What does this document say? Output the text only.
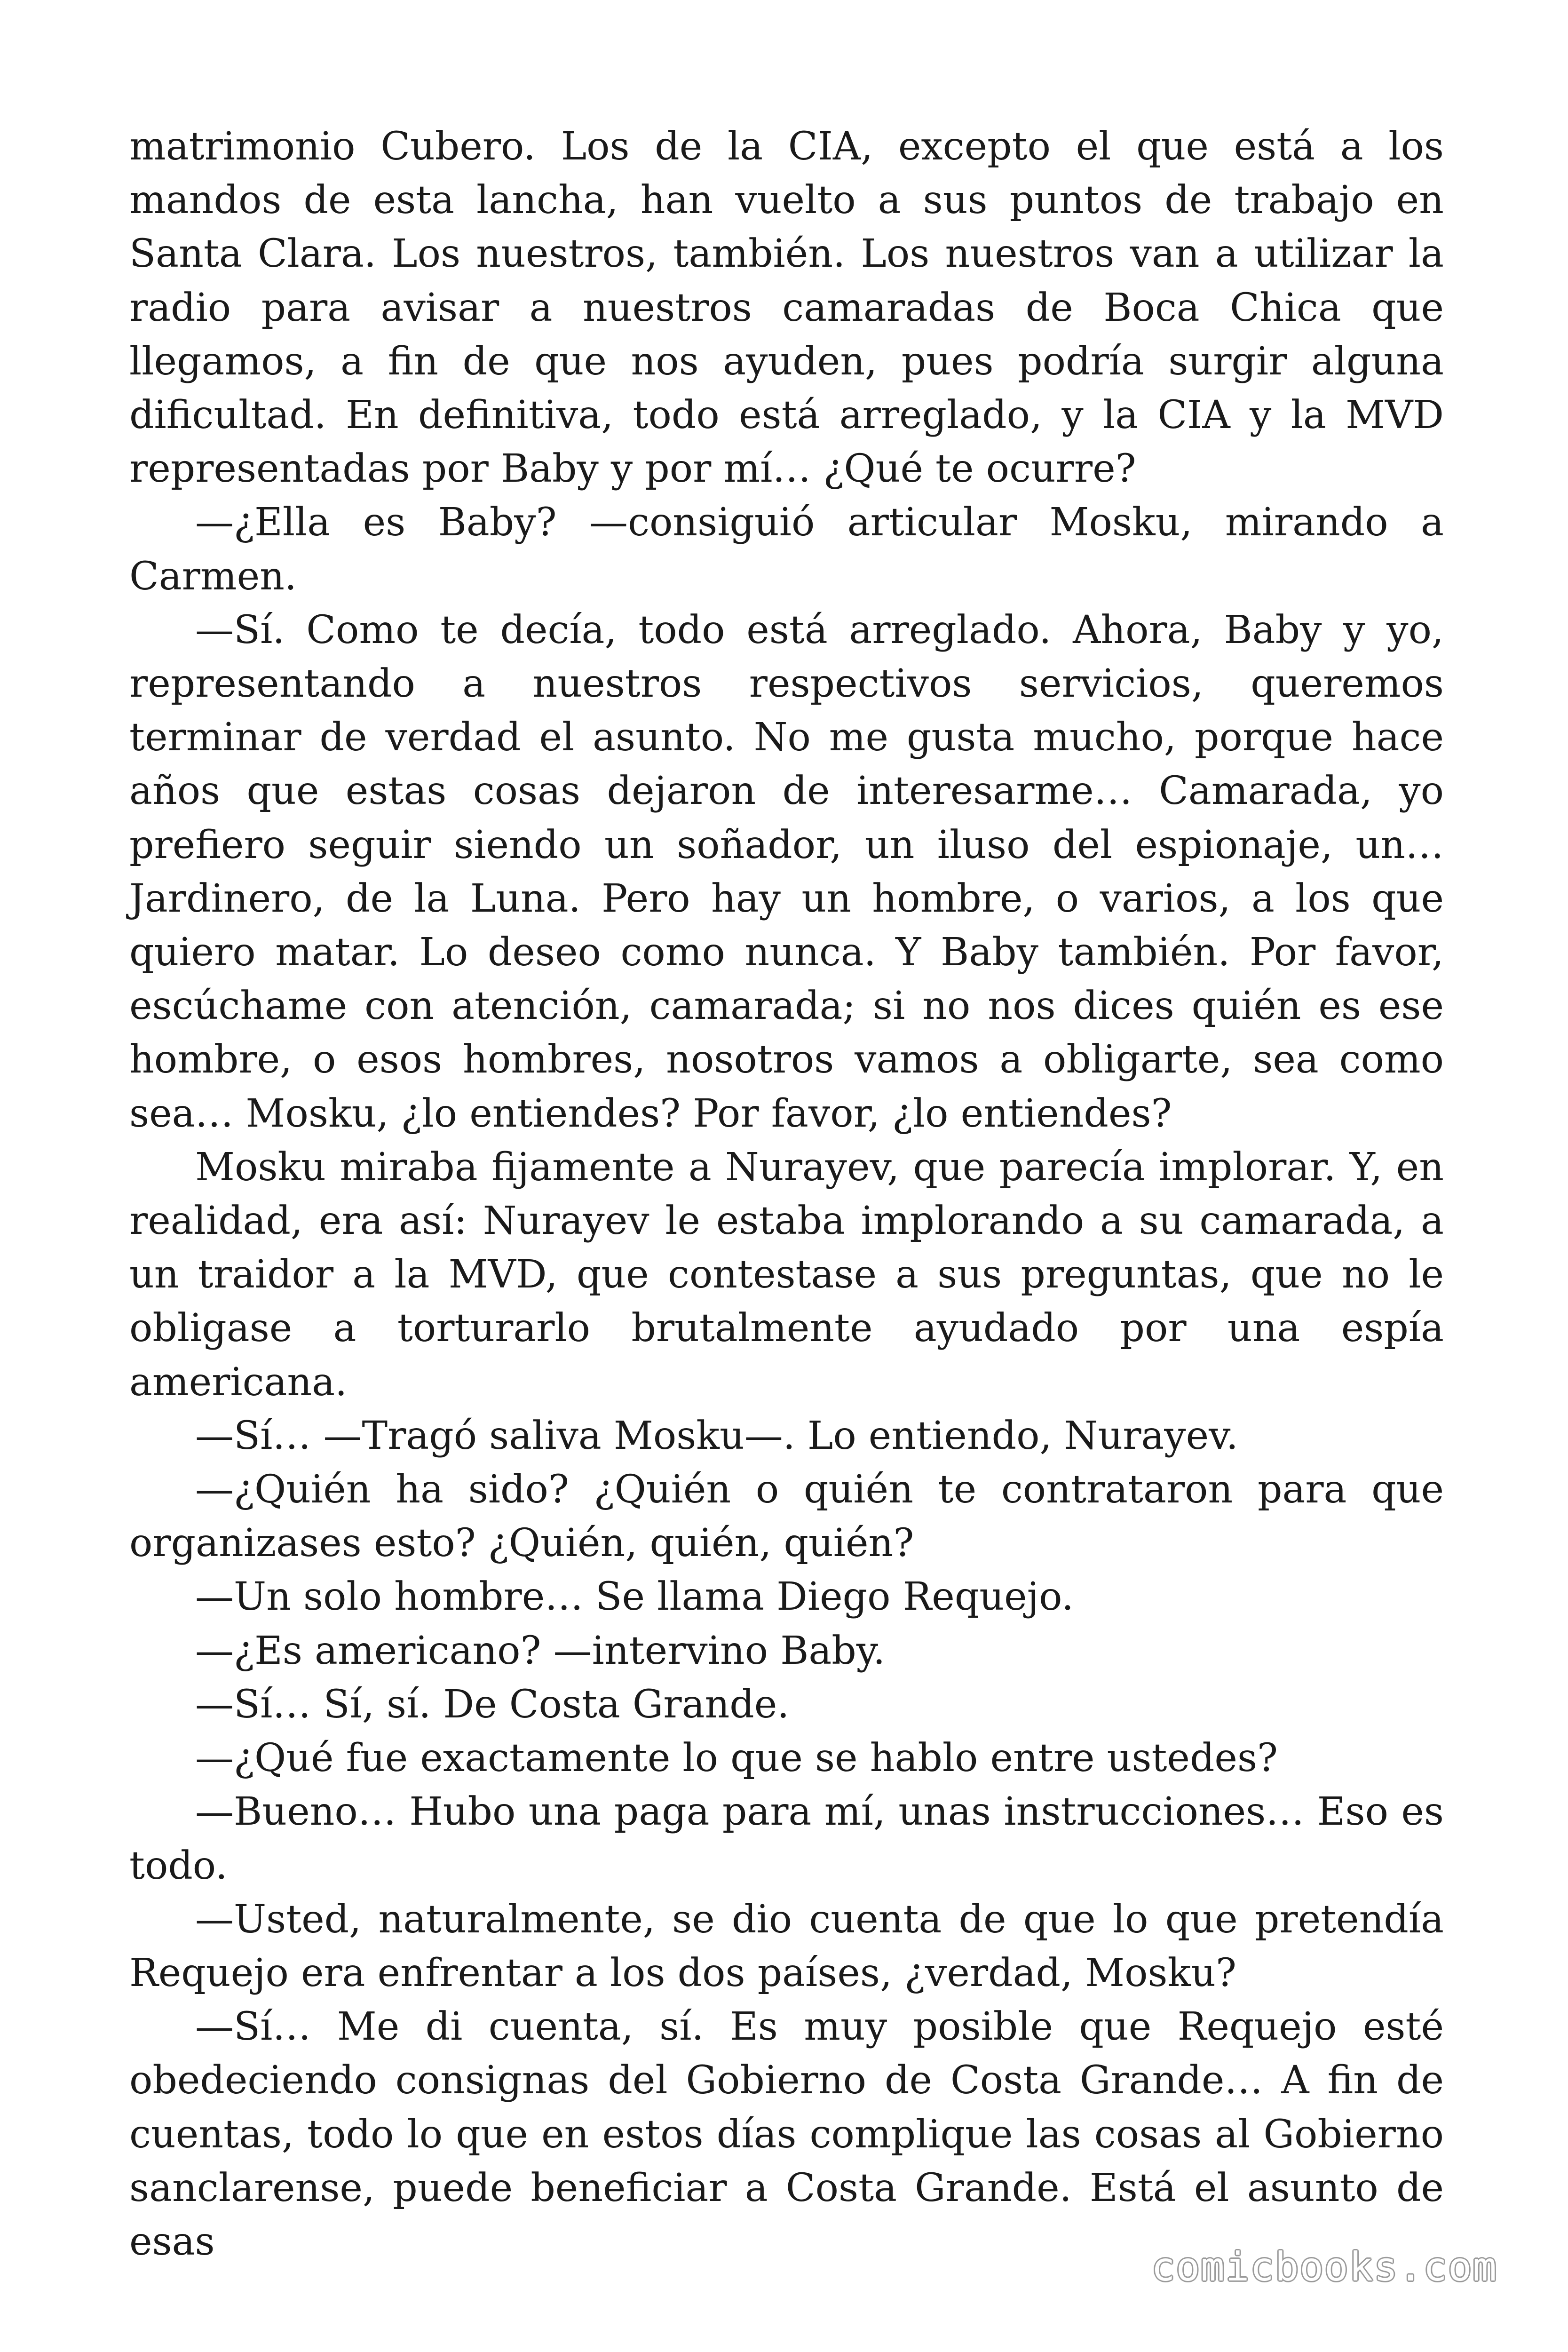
matrimonio Cubero. Los de la CIA, excepto el que está a los mandos de esta lancha, han vuelto a sus puntos de trabajo en Santa Clara. Los nuestros, también. Los nuestros van a utilizar la radio para avisar a nuestros camaradas de Boca Chica que llegamos, a fin de que nos ayuden, pues podría surgir alguna dificultad. En definitiva, todo está arreglado, y la CIA y la MVD representadas por Baby y por mí… ¿Qué te ocurre?

—¿Ella es Baby? —consiguió articular Mosku, mirando a Carmen.

—Sí. Como te decía, todo está arreglado. Ahora, Baby y yo, representando a nuestros respectivos servicios, queremos terminar de verdad el asunto. No me gusta mucho, porque hace años que estas cosas dejaron de interesarme… Camarada, yo prefiero seguir siendo un soñador, un iluso del espionaje, un… Jardinero, de la Luna. Pero hay un hombre, o varios, a los que quiero matar. Lo deseo como nunca. Y Baby también. Por favor, escúchame con atención, camarada; si no nos dices quién es ese hombre, o esos hombres, nosotros vamos a obligarte, sea como sea… Mosku, ¿lo entiendes? Por favor, ¿lo entiendes?

Mosku miraba fijamente a Nurayev, que parecía implorar. Y, en realidad, era así: Nurayev le estaba implorando a su camarada, a un traidor a la MVD, que contestase a sus preguntas, que no le obligase a torturarlo brutalmente ayudado por una espía americana.

—Sí… —Tragó saliva Mosku—. Lo entiendo, Nurayev.

—¿Quién ha sido? ¿Quién o quién te contrataron para que organizases esto? ¿Quién, quién, quién?

—Un solo hombre… Se llama Diego Requejo.

—¿Es americano? —intervino Baby.

—Sí… Sí, sí. De Costa Grande.

—¿Qué fue exactamente lo que se hablo entre ustedes?

—Bueno… Hubo una paga para mí, unas instrucciones… Eso es todo.

—Usted, naturalmente, se dio cuenta de que lo que pretendía Requejo era enfrentar a los dos países, ¿verdad, Mosku?

—Sí… Me di cuenta, sí. Es muy posible que Requejo esté obedeciendo consignas del Gobierno de Costa Grande… A fin de cuentas, todo lo que en estos días complique las cosas al Gobierno sanclarense, puede beneficiar a Costa Grande. Está el asunto de esas

comicbooks.com
